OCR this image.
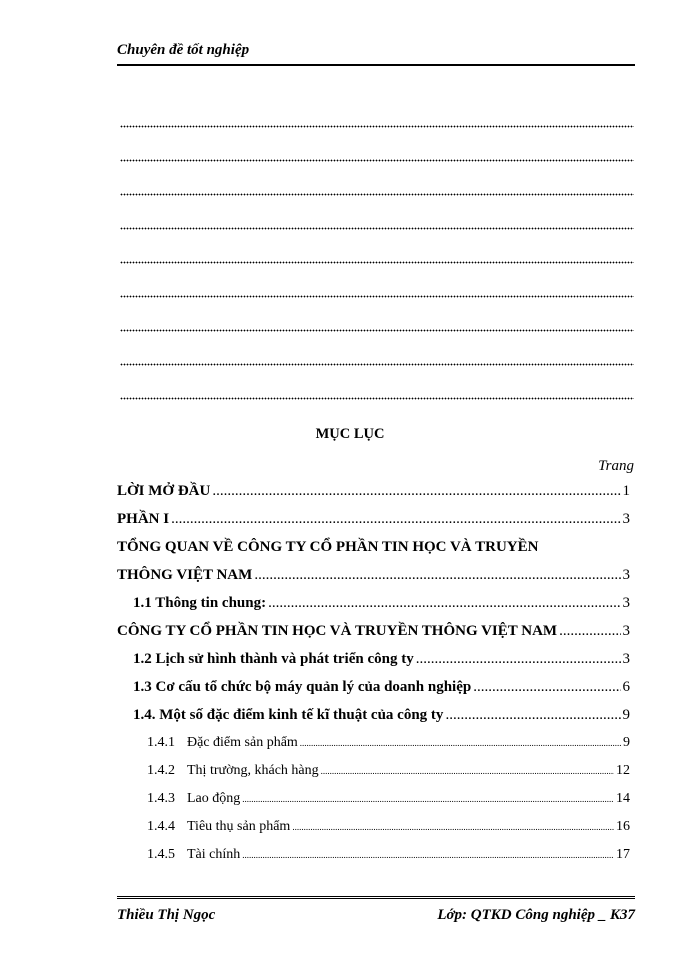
Chuyên đề tốt nghiệp
MỤC LỤC
Trang
LỜI MỞ ĐẦU .....	1
PHẦN I .....	3
TỔNG QUAN VỀ CÔNG TY CỔ PHẦN TIN HỌC VÀ TRUYỀN
THÔNG VIỆT NAM .....	3
1.1 Thông tin chung: .....	3
CÔNG TY CỔ PHẦN TIN HỌC VÀ TRUYỀN THÔNG VIỆT NAM .....	3
1.2 Lịch sử hình thành và phát triển công ty .....	3
1.3 Cơ cấu tổ chức bộ máy quản lý của doanh nghiệp .....	6
1.4. Một số đặc điểm kinh tế kĩ thuật của công ty .....	9
1.4.1 Đặc điểm sản phẩm .....	9
1.4.2 Thị trường, khách hàng .....	12
1.4.3 Lao động .....	14
1.4.4 Tiêu thụ sản phẩm .....	16
1.4.5 Tài chính .....	17
Thiều Thị Ngọc	Lớp: QTKD Công nghiệp _ K37
